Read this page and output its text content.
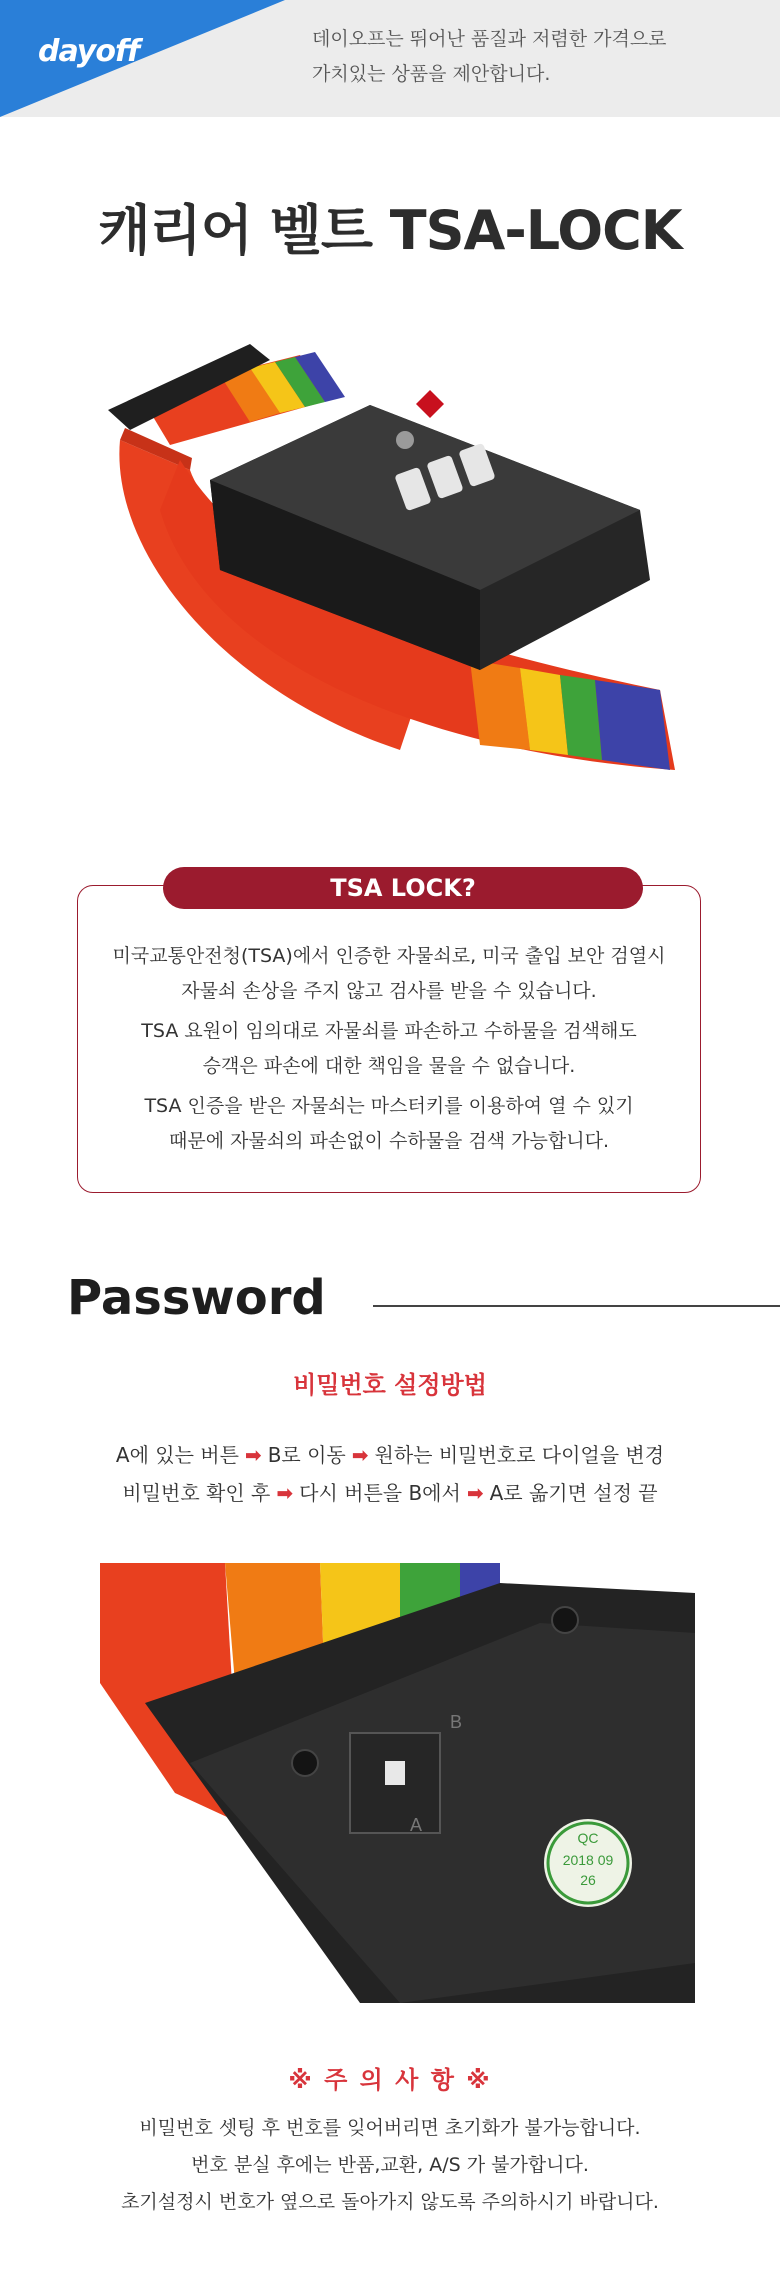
dayoff	데이오프는 뛰어난 품질과 저렴한 가격으로
가치있는 상품을 제안합니다.
캐리어 벨트 TSA-LOCK
TSA LOCK?
미국교통안전청(TSA)에서 인증한 자물쇠로, 미국 출입 보안 검열시
자물쇠 손상을 주지 않고 검사를 받을 수 있습니다.
TSA 요원이 임의대로 자물쇠를 파손하고 수하물을 검색해도
승객은 파손에 대한 책임을 물을 수 없습니다.
TSA 인증을 받은 자물쇠는 마스터키를 이용하여 열 수 있기
때문에 자물쇠의 파손없이 수하물을 검색 가능합니다.
Password
비밀번호 설정방법
A에 있는 버튼 ➡ B로 이동 ➡ 원하는 비밀번호로 다이얼을 변경
비밀번호 확인 후 ➡ 다시 버튼을 B에서 ➡ A로 옮기면 설정 끝
A
B
QC
2018 09
26
※ 주 의 사 항 ※
비밀번호 셋팅 후 번호를 잊어버리면 초기화가 불가능합니다.
번호 분실 후에는 반품,교환, A/S 가 불가합니다.
초기설정시 번호가 옆으로 돌아가지 않도록 주의하시기 바랍니다.
